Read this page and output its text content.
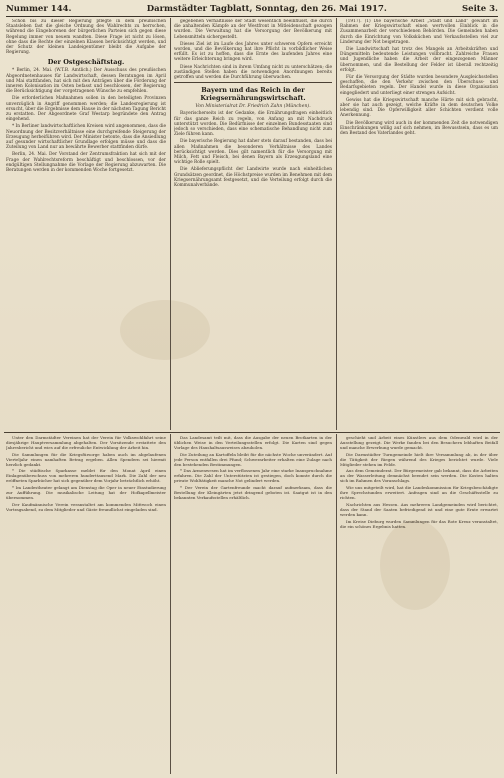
Nummer 144.	Darmstädter Tagblatt, Sonntag, den 26. Mai 1917.	Seite 3.

Schon bis zu dieser Regierung pflegte in dem preußischen Staatsleben fast die gleiche Ordnung des Wahlrechts zu herrschen, während die Eingeborenen der bürgerlichen Parteien sich gegen diese Regelung immer von neuem wandten. Diese Frage ist nicht zu lösen, ohne dass die Rechte der einzelnen Klassen berücksichtigt werden, und der Schutz der kleinen Landeigentümer bleibt die Aufgabe der Regierung.

Der Ostgeschäftstag.

* Berlin, 24. Mai. (W.T.B. Amtlich.) Der Ausschuss des preußischen Abgeordnetenhauses für Landwirtschaft, dessen Beratungen im April und Mai stattfanden, hat sich mit den Anträgen über die Förderung der inneren Kolonisation im Osten befasst und beschlossen, der Regierung die Berücksichtigung der vorgetragenen Wünsche zu empfehlen.

Die erforderlichen Maßnahmen sollen in den beteiligten Provinzen unverzüglich in Angriff genommen werden; die Landesregierung ist ersucht, über die Ergebnisse dem Hause in der nächsten Tagung Bericht zu erstatten. Der Abgeordnete Graf Westarp begründete den Antrag eingehend.

* In Berliner landwirtschaftlichen Kreisen wird angenommen, dass die Neuordnung der Besitzverhältnisse eine durchgreifende Steigerung der Erzeugung herbeiführen wird. Der Minister betonte, dass die Ansiedlung auf gesunder wirtschaftlicher Grundlage erfolgen müsse und dass die Zuteilung von Land nur an bewährte Bewerber stattfinden dürfe.

Berlin, 24. Mai. Der Vorstand der Zentrumsfraktion hat sich mit der Frage der Wahlrechtsreform beschäftigt und beschlossen, vor der endgültigen Stellungnahme die Vorlage der Regierung abzuwarten. Die Beratungen werden in der kommenden Woche fortgesetzt.

gegebenen Verhältnisse der Stadt wesentlich beeinflusst, die durch die anhaltenden Kämpfe an der Westfront in Mitleidenschaft gezogen wurden. Die Verwaltung hat die Versorgung der Bevölkerung mit Lebensmitteln sichergestellt.

Dieses Ziel ist im Laufe des Jahres unter schweren Opfern erreicht worden, und die Bevölkerung hat ihre Pflicht in vorbildlicher Weise erfüllt. Es ist zu hoffen, dass die Ernte des laufenden Jahres eine weitere Erleichterung bringen wird.

Diese Nachrichten sind in ihrem Umfang nicht zu unterschätzen; die zuständigen Stellen haben die notwendigen Anordnungen bereits getroffen und werden die Durchführung überwachen.

Bayern und das Reich in der Kriegsernährungswirtschaft.
Von Ministerialrat Dr. Friedrich Zahn (München).

Bayerischerseits ist der Gedanke, die Ernährungsfragen einheitlich für das ganze Reich zu regeln, von Anfang an mit Nachdruck unterstützt worden. Die Bedürfnisse der einzelnen Bundesstaaten sind jedoch so verschieden, dass eine schematische Behandlung nicht zum Ziele führen kann.

Die bayerische Regierung hat daher stets darauf bestanden, dass bei allen Maßnahmen die besonderen Verhältnisse des Landes berücksichtigt werden. Dies gilt namentlich für die Versorgung mit Milch, Fett und Fleisch, bei denen Bayern als Erzeugungsland eine wichtige Rolle spielt.

Die Ablieferungspflicht der Landwirte wurde nach einheitlichen Grundsätzen geordnet, die Höchstpreise wurden im Benehmen mit dem Kriegsernährungsamt festgesetzt, und die Verteilung erfolgt durch die Kommunalverbände.

(1917). (1) Die bayerische Arbeit „Stadt und Land“ gewährt im Rahmen der Kriegswirtschaft einen wertvollen Einblick in die Zusammenarbeit der verschiedenen Behörden. Die Gemeinden haben durch die Einrichtung von Volksküchen und Verkaufsstellen viel zur Linderung der Not beigetragen.

Die Landwirtschaft hat trotz des Mangels an Arbeitskräften und Düngemitteln bedeutende Leistungen vollbracht. Zahlreiche Frauen und Jugendliche haben die Arbeit der eingezogenen Männer übernommen, und die Bestellung der Felder ist überall rechtzeitig erfolgt.

Für die Versorgung der Städte wurden besondere Ausgleichsstellen geschaffen, die den Verkehr zwischen den Überschuss- und Bedarfsgebieten regeln. Der Handel wurde in diese Organisation eingegliedert und unterliegt einer strengen Aufsicht.

Gewiss hat die Kriegswirtschaft manche Härte mit sich gebracht, aber sie hat auch gezeigt, welche Kräfte in dem deutschen Volke lebendig sind. Die Opferwilligkeit aller Schichten verdient volle Anerkennung.

Die Bevölkerung wird auch in der kommenden Zeit die notwendigen Einschränkungen willig auf sich nehmen, im Bewusstsein, dass es um den Bestand des Vaterlandes geht.

Unter den Darmstädter Vereinen hat der Verein für Volkswohlfahrt seine diesjährige Hauptversammlung abgehalten. Der Vorsitzende erstattete den Jahresbericht und wies auf die erfreuliche Entwicklung der Arbeit hin.

Die Sammlungen für die Kriegsfürsorge haben auch im abgelaufenen Vierteljahr einen namhaften Betrag ergeben. Allen Spendern sei hiermit herzlich gedankt.

* Die städtische Sparkasse meldet für den Monat April einen Einlagenüberschuss von mehreren hunderttausend Mark. Die Zahl der neu eröffneten Sparbücher hat sich gegenüber dem Vorjahr beträchtlich erhöht.

* Im Landestheater gelangt am Dienstag die Oper in neuer Einstudierung zur Aufführung. Die musikalische Leitung hat der Hofkapellmeister übernommen.

Der Kaufmännische Verein veranstaltet am kommenden Mittwoch einen Vortragsabend, zu dem Mitglieder und Gäste freundlichst eingeladen sind.

Das Landesamt teilt mit, dass die Ausgabe der neuen Brotkarten in der üblichen Weise in den Verteilungsstellen erfolgt. Die Karten sind gegen Vorlage des Haushaltsausweises abzuholen.

Die Zuteilung an Kartoffeln bleibt für die nächste Woche unverändert. Auf jede Person entfallen drei Pfund; Schwerarbeiter erhalten eine Zulage nach den bestehenden Bestimmungen.

* Das Armenwesen hat im verflossenen Jahr eine starke Inanspruchnahme erfahren. Die Zahl der Unterstützten ist gestiegen, doch konnte durch die private Wohltätigkeit manche Not gelindert werden.

* Der Verein der Gartenfreunde macht darauf aufmerksam, dass die Bestellung der Kleingärten jetzt dringend geboten ist. Saatgut ist in den bekannten Verkaufsstellen erhältlich.

geschieht und Arbeit eines Künstlers aus dem Odenwald wird in der Ausstellung gezeigt. Die Werke fanden bei den Besuchern lebhaften Beifall und manche Erwerbung wurde gemacht.

Die Darmstädter Turngemeinde hielt ihre Versammlung ab, in der über die Tätigkeit der Riegen während des Krieges berichtet wurde. Viele Mitglieder stehen im Felde.

Aus dem Gemeinderat. Der Bürgermeister gab bekannt, dass die Arbeiten an der Wasserleitung demnächst beendet sein werden. Die Kosten halten sich im Rahmen des Voranschlags.

Wie uns mitgeteilt wird, hat die Landeskommission für Kriegsbeschädigte ihre Sprechstunden erweitert. Anfragen sind an die Geschäftsstelle zu richten.

Nachrichten aus Hessen. Aus mehreren Landgemeinden wird berichtet, dass der Stand der Saaten befriedigend ist und eine gute Ernte erwartet werden kann.

Im Kreise Dieburg wurden Sammlungen für das Rote Kreuz veranstaltet, die ein schönes Ergebnis hatten.
